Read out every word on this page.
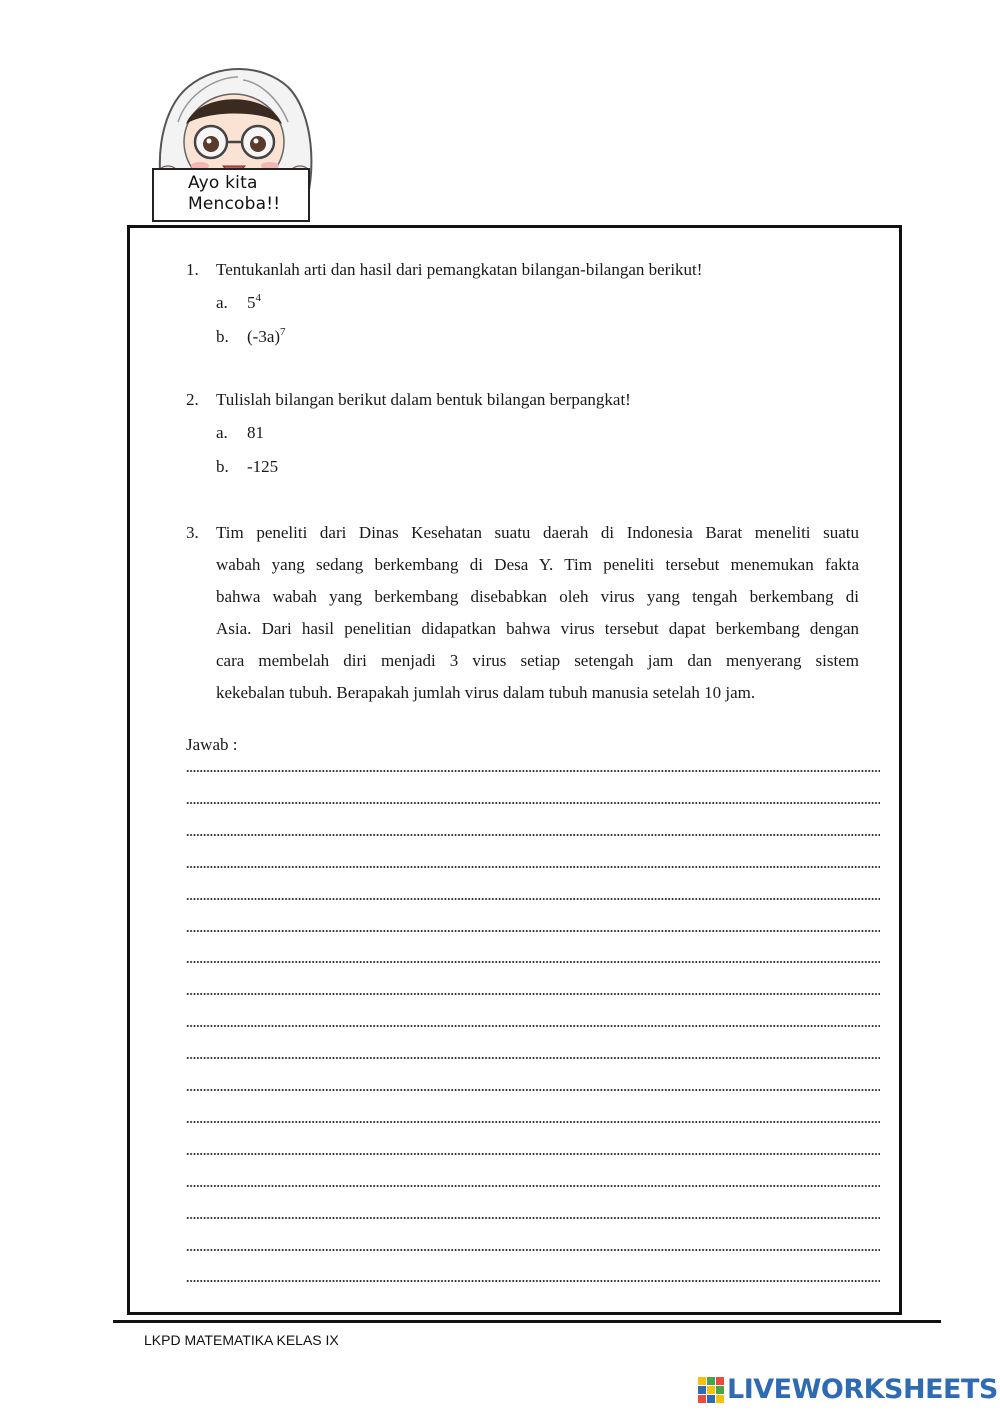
Ayo kita
Mencoba!!
1. Tentukanlah arti dan hasil dari pemangkatan bilangan-bilangan berikut!
a. $5^4$
b. $(-3a)^7$
2. Tulislah bilangan berikut dalam bentuk bilangan berpangkat!
a. 81
b. -125
3. Tim peneliti dari Dinas Kesehatan suatu daerah di Indonesia Barat meneliti suatu
wabah yang sedang berkembang di Desa Y. Tim peneliti tersebut menemukan fakta
bahwa wabah yang berkembang disebabkan oleh virus yang tengah berkembang di
Asia. Dari hasil penelitian didapatkan bahwa virus tersebut dapat berkembang dengan
cara membelah diri menjadi 3 virus setiap setengah jam dan menyerang sistem
kekebalan tubuh. Berapakah jumlah virus dalam tubuh manusia setelah 10 jam.
Jawab :
LKPD MATEMATIKA KELAS IX
LIVEWORKSHEETS
